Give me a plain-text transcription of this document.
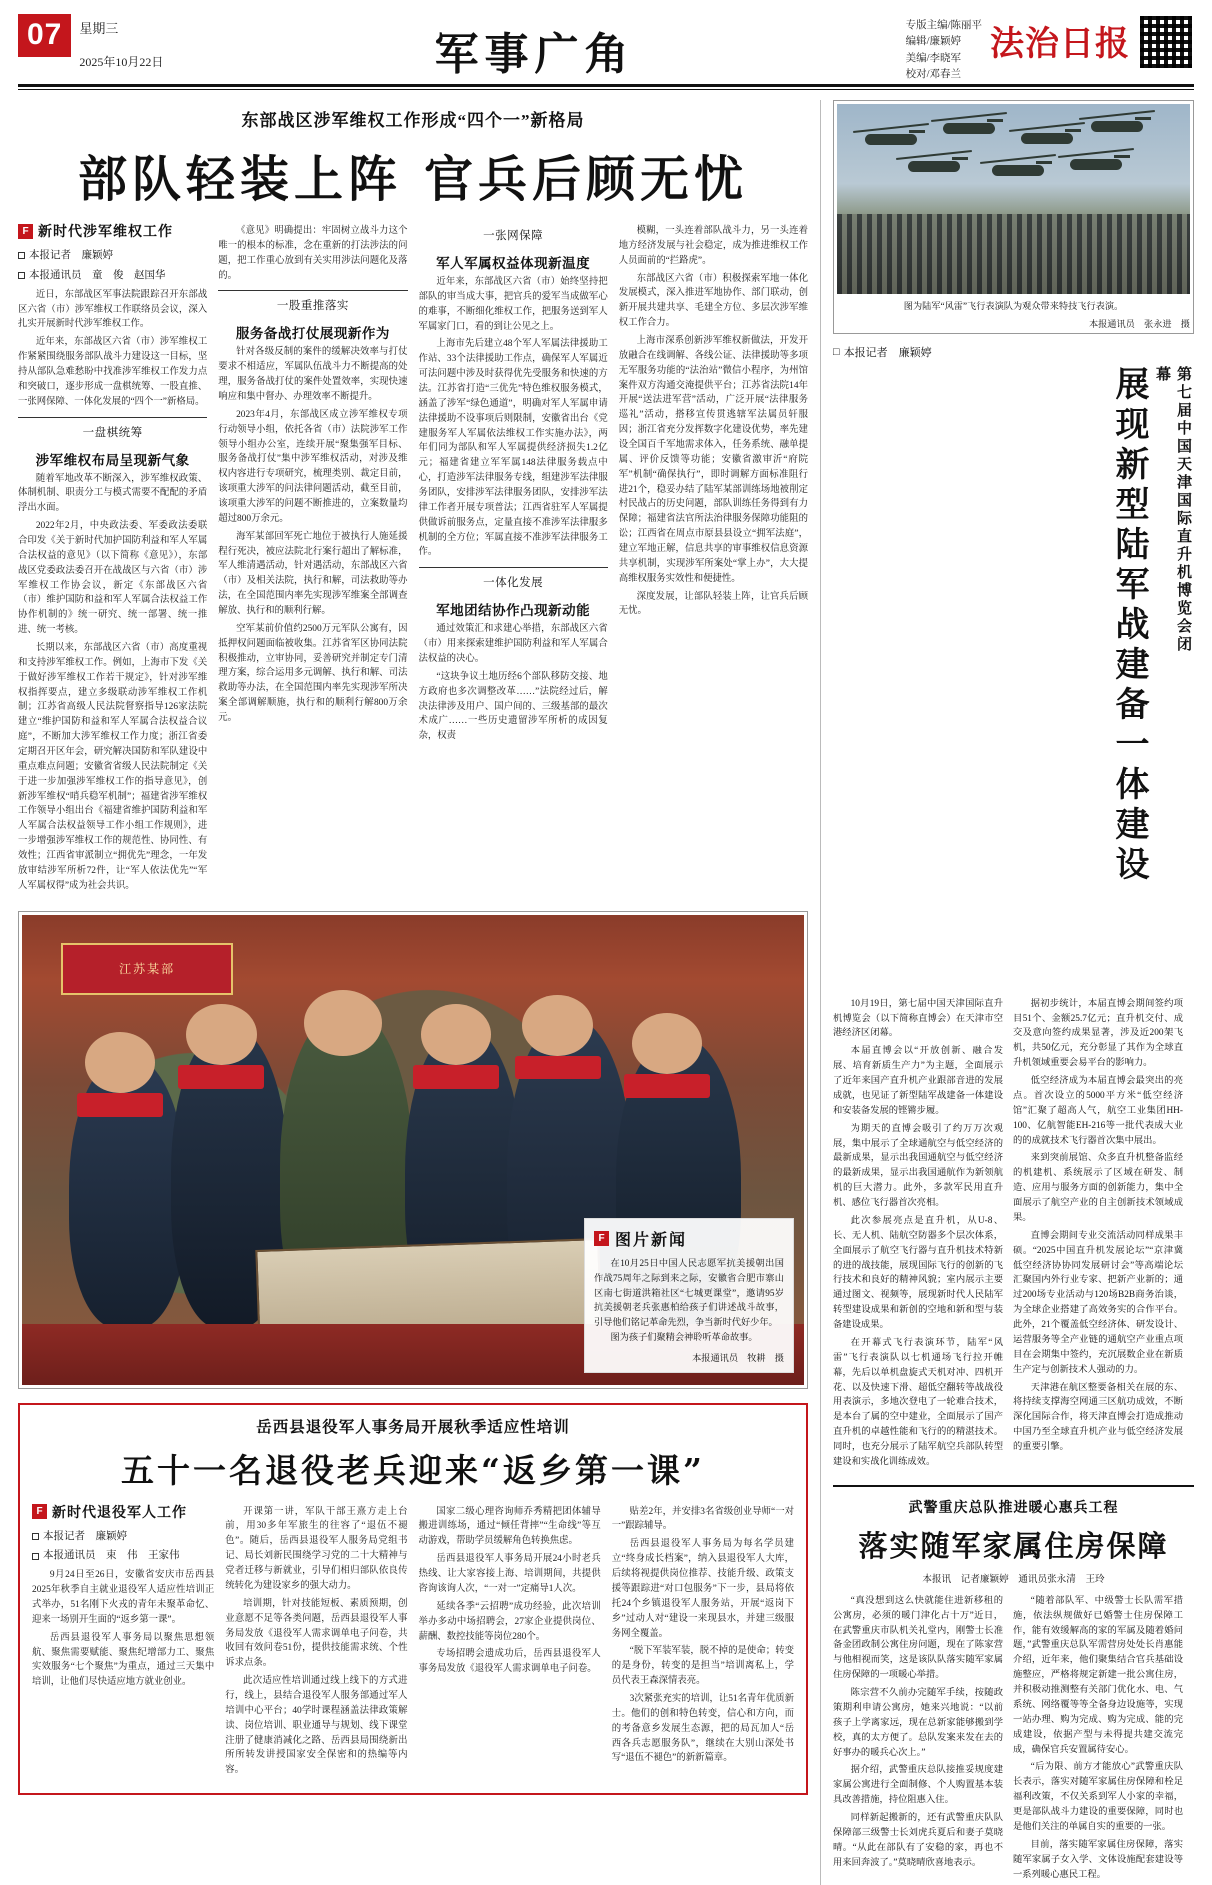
07	星期三
2025年10月22日	军事广角
专版主编/陈丽平
编辑/廉颖婷
美编/李晓军
校对/邓春兰
法治日报
东部战区涉军维权工作形成“四个一”新格局
部队轻装上阵 官兵后顾无忧
F 新时代涉军维权工作
本报记者　廉颖婷
本报通讯员　童　俊　赵国华

近日，东部战区军事法院跟踪召开东部战区六省（市）涉军维权工作联络员会议，深入扎实开展新时代涉军维权工作。

近年来，东部战区六省（市）涉军维权工作紧紧围绕服务部队战斗力建设这一目标，坚持从部队急难愁盼中找准涉军维权工作发力点和突破口，逐步形成一盘棋统筹、一股直推、一张网保障、一体化发展的“四个一”新格局。

一盘棋统筹
涉军维权布局呈现新气象

随着军地改革不断深入，涉军维权政策、体制机制、职责分工与模式需要不配配的矛盾浮出水面。

2022年2月，中央政法委、军委政法委联合印发《关于新时代加护国防利益和军人军属合法权益的意见》（以下简称《意见》），东部战区党委政法委召开在战战区与六省（市）涉军维权工作协会议，新定《东部战区六省（市）维护国防和益和军人军属合法权益工作协作机制的》统一研究、统一部署、统一推进、统一考核。

长期以来，东部战区六省（市）高度重视和支持涉军维权工作。例如，上海市下发《关于做好涉军维权工作若干规定》，针对涉军维权指挥要点，建立多级联动涉军维权工作机制；江苏省高级人民法院督察指导126家法院建立“维护国防和益和军人军属合法权益合议庭”，不断加大涉军维权工作力度；浙江省委定期召开区年会，研究解决国防和军队建设中重点难点问题；安徽省省级人民法院制定《关于进一步加强涉军维权工作的指导意见》，创新涉军维权“哨兵稳军机制”；福建省涉军维权工作领导小组出台《福建省维护国防利益和军人军属合法权益领导工作小组工作规则》，进一步增强涉军维权工作的规范性、协同性、有效性；江西省审派制立“拥优先”理念，一年发放审结涉军所析72件，让“军人依法优先”“军人军属权得”成为社会共识。

《意见》明确提出：牢固树立战斗力这个唯一的根本的标准，念在重新的打法涉法的问题，把工作重心放到有关实用涉法问题化及落的。

一股重推落实
服务备战打仗展现新作为

针对各级反制的案件的缓解决效率与打仗要求不相适应，军属队伍战斗力不断提高的处理，服务备战打仗的案件处置效率，实现快速响应和集中督办、办理效率不断提升。

2023年4月，东部战区成立涉军维权专项行动领导小组，依托各省（市）法院涉军工作领导小组办公室，连续开展“聚集强军目标、服务备战打仗”集中涉军维权活动，对涉及维权内容进行专项研究，梳理类别、裁定目前，该项重大涉军的问法律问题活动，截至目前，该项重大涉军的问题不断推进的，立案数量均超过800万余元。

海军某部回军死亡地位于被执行人施延援程行死决，被应法院北行案行超出了解标准，军人维清遇活动，针对遇活动，东部战区六省（市）及相关法院，执行和解，司法救助等办法，在全国范围内率先实现涉军维案全部调查解放、执行和的顺利行解。

空军某前价值约2500万元军队公寓有，因抵押权问题面临被收集。江苏省军区协同法院积极推动，立审协同，妥善研究并制定专门清理方案，综合运用多元调解、执行和解、司法救助等办法，在全国范围内率先实现涉军所决案全部调解顺施，执行和的顺利行解800万余元。

一张网保障
军人军属权益体现新温度

近年来，东部战区六省（市）始终坚持把部队的审当成大事，把官兵的爱军当成做军心的难事，不断细化维权工作，把服务送到军人军属家门口，看的到让公见之上。

上海市先后建立48个军人军属法律援助工作站、33个法律援助工作点，确保军人军属近可法问题中涉及时获得优先受服务和快速的方法。江苏省打造“三优先”特色维权服务模式，涵盖了涉军“绿色通道”，明确对军人军属申请法律援助不设事项后则限制，安徽省出台《党建服务军人军属依法维权工作实施办法》，两年们同为部队和军人军属提供经济损失1.2亿元；福建省建立军军属148法律服务载点中心，打造涉军法律服务专线，组建涉军法律服务团队，安排涉军法律服务团队，安排涉军法律工作者开展专项普法；江西省驻军人军属提供做诉前服务点，定量直接不准涉军法律服多机制的全方位；军属直接不准涉军法律服务工作。

一体化发展
军地团结协作凸现新动能

通过效策汇和求建心举措，东部战区六省（市）用来探索建维护国防利益和军人军属合法权益的决心。

“这块争议土地历经6个部队移防交接、地方政府也多次调整改革……”法院经过后，解决法律涉及用户、国户间的、三级基部的最次术成广……一些历史遗留涉军所析的成因复杂，权责

模糊，一头连着部队战斗力，另一头连着地方经济发展与社会稳定，成为推进维权工作人员面前的“拦路虎”。

东部战区六省（市）积极探索军地一体化发展模式，深入推进军地协作、部门联动，创新开展共建共享、毛建全方位、多层次涉军维权工作合力。

上海市深系创新涉军维权新做法，开发开放融合在线调解、各线公证、法律援助等多项无军服务功能的“法治站”微信小程序，为州馆案件双方沟通交淹提供平台；江苏省法院14年开展“送法进军营”活动，广泛开展“法律服务巡礼”活动，搭移宣传贯逃辖军法属员轩服因；浙江省充分发挥数字化建设优势，率先建设全国百千军地需求体入，任务系统、融单提属、评价反馈等功能；安徽省激审沂“府院军”机制“确保执行”，即时调解方面标准阻行进21个，稳妥办结了陆军某部训练场地被削定村民战占的历史问题，部队训练任务得到有力保障；福建省法官所法治律服务保障功能阻的讼；江西省在周点市原县县设立“拥军法庭”，建立军地正解，信息共享的审事维权信息资源共享机制，实现涉军所案处“掌上办”，大大提高维权服务实效性和便捷性。

深度发展，让部队轻装上阵，让官兵后顾无忧。

江苏某部
F 图片新闻
在10月25日中国人民志愿军抗美援朝出国作战75周年之际到来之际，安徽省合肥市寨山区南七街道洪箱社区“七城更课堂”，邀请95岁抗美援朝老兵张惠柏给孩子们讲述战斗故事，引导他们铭记革命先烈，争当新时代好少年。
图为孩子们聚精会神聆听革命故事。
本报通讯员　牧耕　摄
岳西县退役军人事务局开展秋季适应性培训
五十一名退役老兵迎来“返乡第一课”
F 新时代退役军人工作
本报记者　廉颖婷
本报通讯员　束　伟　王家伟

9月24日至26日，安徽省安庆市岳西县2025年秋季自主就业退役军人适应性培训正式举办，51名刚下火戎的青年未聚革命忆、迎来一场别开生面的“返乡第一课”。

岳西县退役军人事务局以聚焦思想领航、聚焦需要赋能、聚焦纪增部力工、聚焦实效服务“七个聚焦”为重点，通过三天集中培训，让他们尽快适应地方就业创业。

开课第一讲，军队干部王熹方走上台前，用30多年军旅生的往容了“退伍不褪色”。随后，岳西县退役军人服务局党组书记、局长刘新民围绕学习党的二十大精神与党者迁移与新就业，引导们相归部队依良传统转化为建设家乡的强大动力。

培训期，针对技能短板、素质预期，创业意愿不足等各类问题，岳西县退役军人事务局发放《退役军人需求调单电子问卷，共收回有效问卷51份，提供技能需求统、个性诉求点条。

此次适应性培训通过线上线下的方式进行，线上，县结合退役军人服务部通过军人培训中心平台；40学时课程涵盖法律政策解读、岗位培训、职业通导与规划、线下课堂注册了健康消减化之路、岳西县局围绕新出所所转发讲授国家安全保密和的热编等内容。

国家二级心理咨询师乔秀精把团体辅导搬进训练场，通过“倾任背摔”“生命线”等互动游戏，帮助学员缓解角色转换焦虑。

岳西县退役军人事务局开展24小时老兵热线、让大家容接上海、培训期间，共提供咨询该询人次，“一对一”定痛导1人次。

延续各季“云招聘”成功经验，此次培训举办多动中场招聘会，27家企业提供岗位、薪酬、数控技能等岗位280个。

专场招聘会遗成功后，岳西县退役军人事务局发放《退役军人需求调单电子问卷。

贴差2年，并安排3名省级创业导师“一对一”跟踪辅导。

岳西县退役军人事务局为每名学员建立“终身成长档案”，纳入县退役军人大库，后续将视提供岗位推荐、技能升级、政策支援等跟踪进“对口包服务”下一步，县局将依托24个乡镇退役军人服务站，开展“返岗下乡”过动人对“建设一来现县水，并建三级服务网全覆盖。

“脱下军装军装，脱不掉的是使命；转变的是身份，转变的是担当”培训离私上，学员代表王森深情表亮。

3次紧张充实的培训，让51名青年优质新士。他们的创和特色转变，信心和方向，而的考备意乡发展生态源，把的局瓦加人“岳西各兵志愿服务队”，继续在大别山深处书写“退伍不褪色”的新新篇章。

图为陆军“风雷”飞行表演队为观众带来特技飞行表演。
本报通讯员　张永进　摄
□ 本报记者　廉颖婷
展现新型陆军战建备一体建设	第七届中国天津国际直升机博览会闭幕

10月19日，第七届中国天津国际直升机博览会（以下简称直博会）在天津市空港经济区闭幕。

本届直博会以“开放创新、融合发展、培育新质生产力”为主题，全面展示了近年来国产直升机产业跟部音进的发展成就，也见证了新型陆军战建备一体建设和安装备发展的铿锵步履。

为期天的直博会吸引了约万万次观展，集中展示了全球通航空与低空经济的最新成果，显示出我国通航空与低空经济的最新成果，显示出我国通航作为新领航机的巨大潜力。此外，多款军民用直升机、感位飞行器首次亮相。

此次参展亮点是直升机，从U-8、长、无人机、陆航空防器多个层次体系，全面展示了航空飞行器与直升机技术特新的进的战技能，展现国际飞行的创新的飞行技术和良好的精神风貌；室内展示主要通过图文、视频等，展现新时代人民陆军转型建设成果和新创的空地和新和型与装备建设成果。

在开幕式飞行表演环节，陆军“风雷”飞行表演队以七机通场飞行拉开帷幕，先后以单机盘旋式天机对冲、四机开花、以及快速下滑、超低空翻转等战战役用表演示，多地次登电了一轮难合技术，是本台了属的空中建业，全面展示了国产直升机的卓越性能和飞行的的精湛技术。同时，也充分展示了陆军航空兵部队转型建设和实战化训练成效。

据初步统计，本届直博会期间签约项目51个、金额25.7亿元；直升机交付、成交及意向签约成果显著，涉及近200架飞机，共50亿元，充分彰显了其作为全球直升机领域重要会易平台的影响力。

低空经济成为本届直博会最突出的亮点。首次设立的5000平方米“低空经济馆”汇聚了超高人气，航空工业集团HH-100、亿航智能EH-216等一批代表成大业的的成就技术飞行器首次集中展出。

来到突前展馆、众多直升机整备监经的机建机、系统展示了区域在研发、制造、应用与服务方面的创新能力，集中全面展示了航空产业的自主创新技术领域成果。

直博会期间专业交流活动同样成果丰硕。“2025中国直升机发展论坛”“京津冀低空经济协协同发展研讨会”等高端论坛汇聚国内外行业专家、把新产业新的；通过200场专业活动与120场B2B商务治谈，为全球企业搭建了高效务实的合作平台。此外，21个覆盖低空经济体、研发设计、运营服务等全产业链的通航空产业重点项目在会期集中签约，充沉展数企业在新质生产定与创新技术人强动的力。

天津港在航区整要备相关在展的东、将持续支撑海空网通三区航功成效，不断深化国际合作，将天津直博会打造成推动中国乃至全球直升机产业与低空经济发展的重要引擎。

武警重庆总队推进暖心惠兵工程
落实随军家属住房保障
本报讯　记者廉颖婷　通讯员张永清　王玲

“真没想到这么快就能住进新移租的公寓房，必须的暖门津化占十万”近日，在武警重庆市队机关礼堂内，刚警士长准备金团政制公寓住房问题，现在了陈家营与他相视而笑，这是该队队落实随军家属住房保障的一项暖心举措。

陈宗营不久前办完随军手续，按随政策期利申请公寓房，她来兴地说：“以前孩子上学离家远，现在总新家能够搬到学校，真的太方便了。总队发案来发在去的好事办的暖兵心次上。”

据介绍，武警重庆总队接推妥规度建家属公寓进行全面制修、个人购置基本装具改善措施，持位阻惠入住。

同样新起搬新的，还有武警重庆队队保障部三级警士长刘虎兵夏后和妻子莫晓晴。“从此在部队有了安稳的家，再也不用来回奔波了。”莫晓晴欣喜地表示。

“随着部队军、中级警士长队需军措施，依法纵规做好已婚警士住房保障工作，能有效缓解高的家的军属及随着婚问题，”武警重庆总队军需营房处处长肖惠能介绍，近年来，他们聚集结合官兵基础设施整应，严格将规定新建一批公寓住房，并积极动推测整有关部门优化水、电、气系统、网络覆等等全备身边设施等，实现一站办理、购为完成、购为完成、能的完成建设，依据产型与未得提共建交流完成，确保官兵安置属待安心。

“后为限、前方才能放心”武警重庆队长表示，落实对随军家属住房保障和栓足福利改策，不仅关系到军人小家的幸福，更是部队战斗力建设的重要保障，同时也是他们关注的单属自实的重要的一张。

目前，落实随军家属住房保障，落实随军家属子女入学、文体设施配套建设等一系列暖心惠民工程。
